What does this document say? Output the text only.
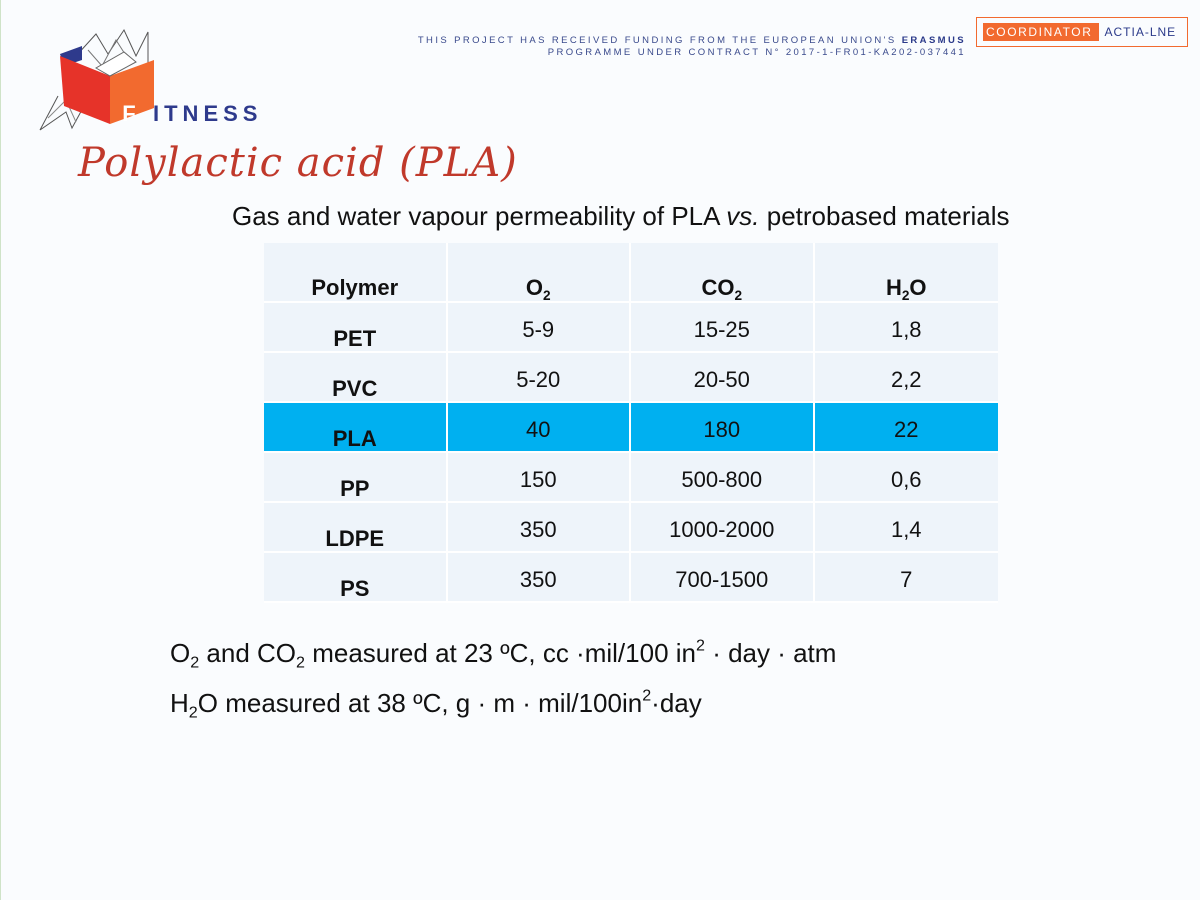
F ITNESS
THIS PROJECT HAS RECEIVED FUNDING FROM THE EUROPEAN UNION'S ERASMUS
PROGRAMME UNDER CONTRACT N° 2017-1-FR01-KA202-037441
COORDINATOR	ACTIA-LNE
Polylactic acid (PLA)
Gas and water vapour permeability of PLA vs. petrobased materials
Polymer	$O_2$	$CO_2$	$H_2O$
PET	5-9	15-25	1,8
PVC	5-20	20-50	2,2
PLA	40	180	22
PP	150	500-800	0,6
LDPE	350	1000-2000	1,4
PS	350	700-1500	7
$O_2$ and $CO_2$ measured at 23 ºC, cc ·mil/100 $in^2$ · day · atm
$H_2O$ measured at 38 ºC, g · m · mil/$100in^2\cdot day$
